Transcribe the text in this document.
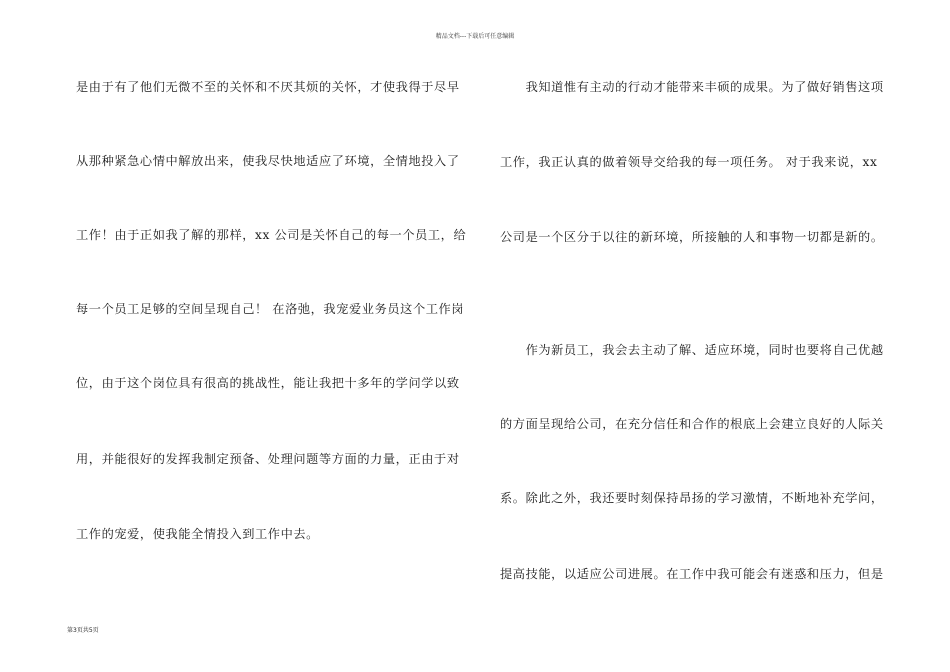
精品文档---下载后可任意编辑
是由于有了他们无微不至的关怀和不厌其烦的关怀，才使我得于尽早
从那种紧急心情中解放出来，使我尽快地适应了环境，全情地投入了
工作！由于正如我了解的那样，xx 公司是关怀自己的每一个员工，给
每一个员工足够的空间呈现自己！ 在洛弛，我宠爱业务员这个工作岗
位，由于这个岗位具有很高的挑战性，能让我把十多年的学问学以致
用，并能很好的发挥我制定预备、处理问题等方面的力量，正由于对
工作的宠爱，使我能全情投入到工作中去。
　　我知道惟有主动的行动才能带来丰硕的成果。为了做好销售这项
工作，我正认真的做着领导交给我的每一项任务。 对于我来说，xx
公司是一个区分于以往的新环境，所接触的人和事物一切都是新的。
　　作为新员工，我会去主动了解、适应环境，同时也要将自己优越
的方面呈现给公司，在充分信任和合作的根底上会建立良好的人际关
系。除此之外，我还要时刻保持昂扬的学习激情，不断地补充学问，
提高技能，以适应公司进展。在工作中我可能会有迷惑和压力，但是
第3页共5页
